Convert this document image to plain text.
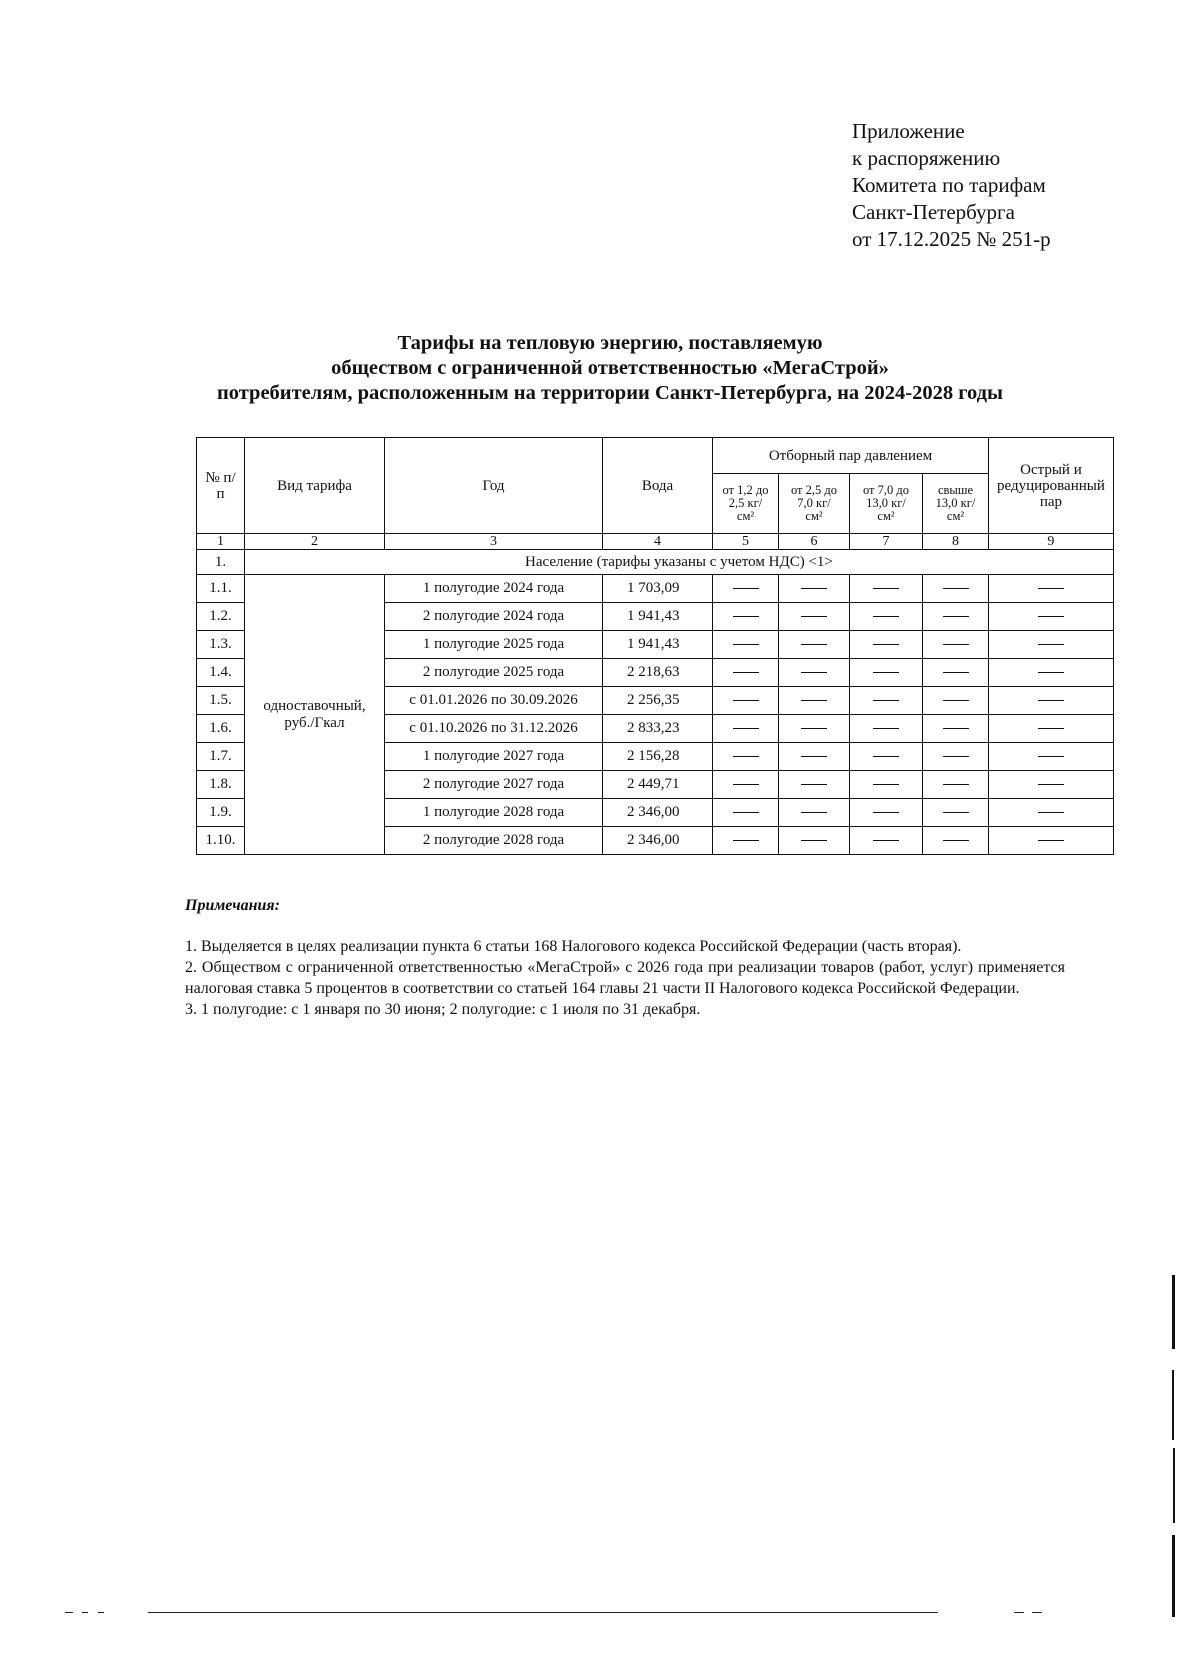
Приложение
к распоряжению
Комитета по тарифам
Санкт-Петербурга
от 17.12.2025 № 251-р
Тарифы на тепловую энергию, поставляемую
обществом с ограниченной ответственностью «МегаСтрой»
потребителям, расположенным на территории Санкт-Петербурга, на 2024-2028 годы
№ п/п	Вид тарифа	Год	Вода	Отборный пар давлением				Острый и редуцированный пар
				от 1,2 до 2,5 кг/см²	от 2,5 до 7,0 кг/см²	от 7,0 до 13,0 кг/см²	свыше 13,0 кг/см²	
1	2	3	4	5	6	7	8	9
1.	Население (тарифы указаны с учетом НДС) <1>							
1.1.	одноставочный, руб./Гкал	1 полугодие 2024 года	1 703,09					
1.2.		2 полугодие 2024 года	1 941,43					
1.3.		1 полугодие 2025 года	1 941,43					
1.4.		2 полугодие 2025 года	2 218,63					
1.5.		с 01.01.2026 по 30.09.2026	2 256,35					
1.6.		с 01.10.2026 по 31.12.2026	2 833,23					
1.7.		1 полугодие 2027 года	2 156,28					
1.8.		2 полугодие 2027 года	2 449,71					
1.9.		1 полугодие 2028 года	2 346,00					
1.10.		2 полугодие 2028 года	2 346,00					
Примечания:

1. Выделяется в целях реализации пункта 6 статьи 168 Налогового кодекса Российской Федерации (часть вторая).

2. Обществом с ограниченной ответственностью «МегаСтрой» с 2026 года при реализации товаров (работ, услуг) применяется налоговая ставка 5 процентов в соответствии со статьей 164 главы 21 части II Налогового кодекса Российской Федерации.

3. 1 полугодие: с 1 января по 30 июня; 2 полугодие: с 1 июля по 31 декабря.
